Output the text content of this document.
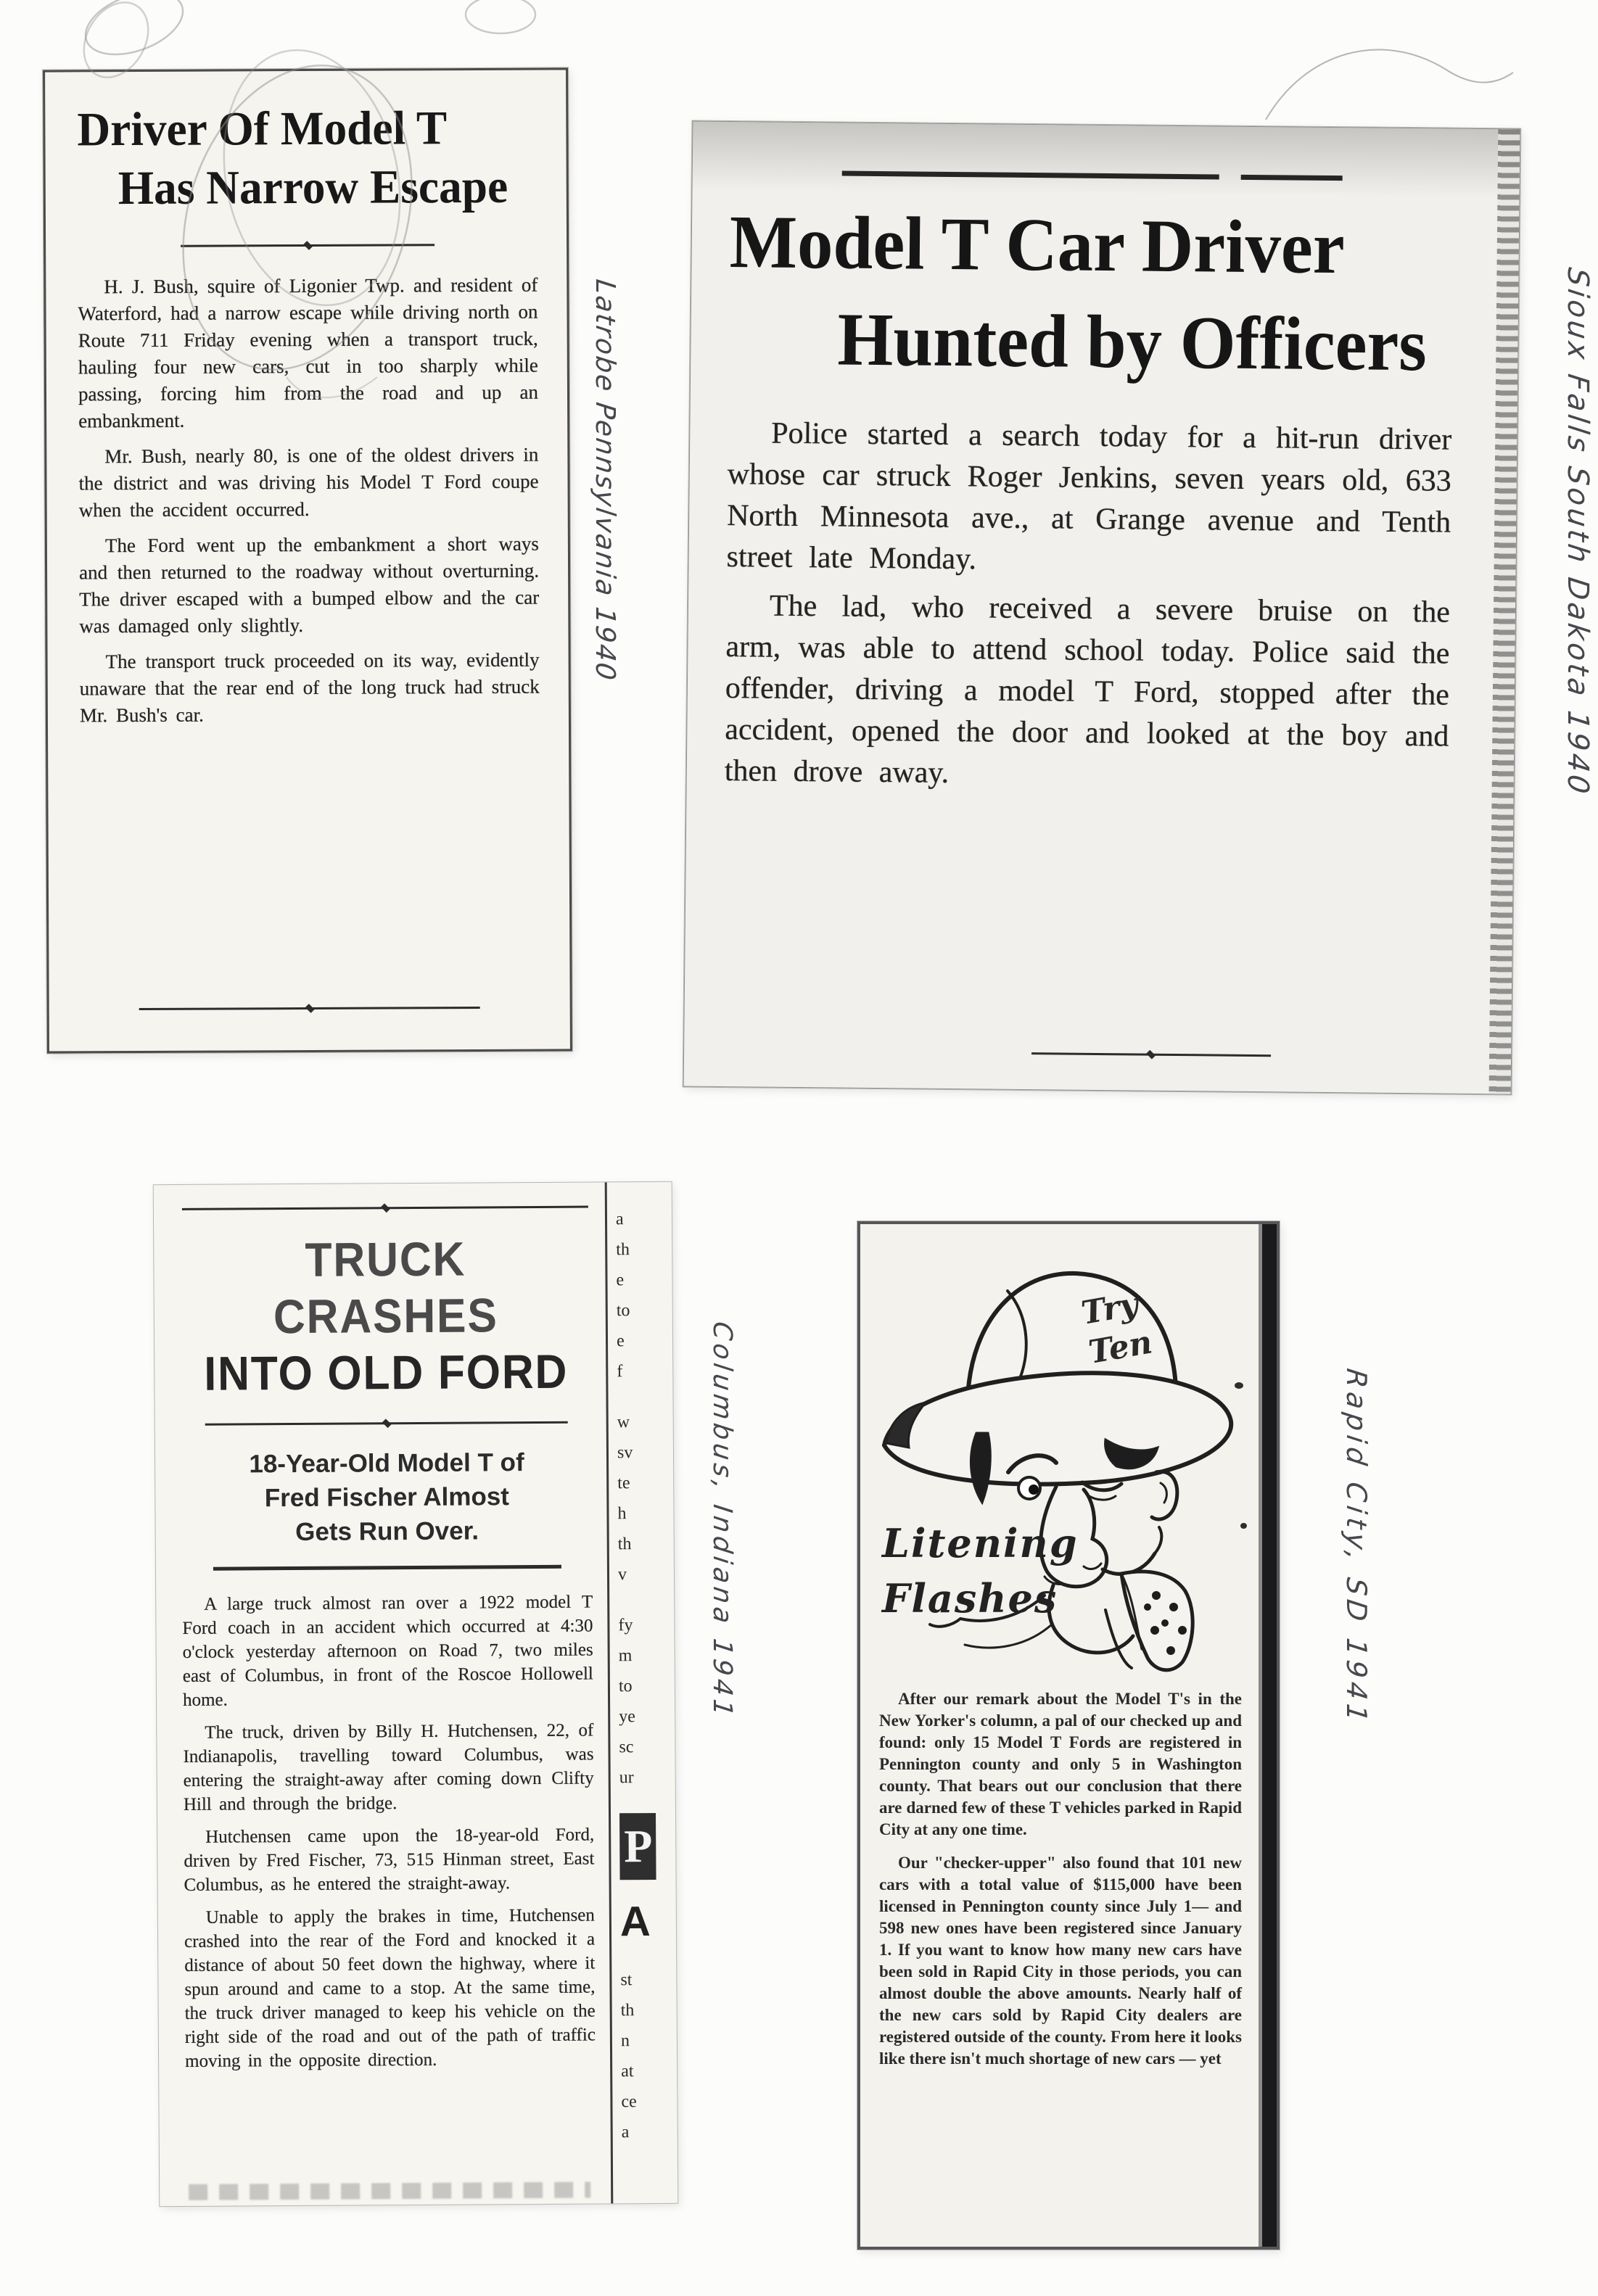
Driver Of Model T
Has Narrow Escape

H. J. Bush, squire of Ligonier Twp. and resident of Waterford, had a narrow escape while driving north on Route 711 Friday evening when a transport truck, hauling four new cars, cut in too sharply while passing, forcing him from the road and up an embankment.

Mr. Bush, nearly 80, is one of the oldest drivers in the district and was driving his Model T Ford coupe when the accident occurred.

The Ford went up the embankment a short ways and then returned to the roadway without overturning. The driver escaped with a bumped elbow and the car was damaged only slightly.

The transport truck proceeded on its way, evidently unaware that the rear end of the long truck had struck Mr. Bush's car.

Model T Car Driver
Hunted by Officers

Police started a search today for a hit-run driver whose car struck Roger Jenkins, seven years old, 633 North Minnesota ave., at Grange avenue and Tenth street late Monday.

The lad, who received a severe bruise on the arm, was able to attend school today. Police said the offender, driving a model T Ford, stopped after the accident, opened the door and looked at the boy and then drove away.

TRUCK CRASHES
INTO OLD FORD
18-Year-Old Model T of
Fred Fischer Almost
Gets Run Over.

A large truck almost ran over a 1922 model T Ford coach in an accident which occurred at 4:30 o'clock yesterday afternoon on Road 7, two miles east of Columbus, in front of the Roscoe Hollowell home.

The truck, driven by Billy H. Hutchensen, 22, of Indianapolis, travelling toward Columbus, was entering the straight-away after coming down Clifty Hill and through the bridge.

Hutchensen came upon the 18-year-old Ford, driven by Fred Fischer, 73, 515 Hinman street, East Columbus, as he entered the straight-away.

Unable to apply the brakes in time, Hutchensen crashed into the rear of the Ford and knocked it a distance of about 50 feet down the highway, where it spun around and came to a stop. At the same time, the truck driver managed to keep his vehicle on the right side of the road and out of the path of traffic moving in the opposite direction.

a
th
e
to
e
f
w
sv
te
h
th
v
fy
m
to
ye
sc
ur
P
A
st
th
n
at
ce
a
Try
Ten
Litening
Flashes

After our remark about the Model T's in the New Yorker's column, a pal of our checked up and found: only 15 Model T Fords are registered in Pennington county and only 5 in Washington county. That bears out our conclusion that there are darned few of these T vehicles parked in Rapid City at any one time.

Our "checker-upper" also found that 101 new cars with a total value of $115,000 have been licensed in Pennington county since July 1— and 598 new ones have been registered since January 1. If you want to know how many new cars have been sold in Rapid City in those periods, you can almost double the above amounts. Nearly half of the new cars sold by Rapid City dealers are registered outside of the county. From here it looks like there isn't much shortage of new cars — yet

Latrobe Pennsylvania 1940	Sioux Falls South Dakota 1940
Columbus, Indiana 1941	Rapid City, SD 1941
